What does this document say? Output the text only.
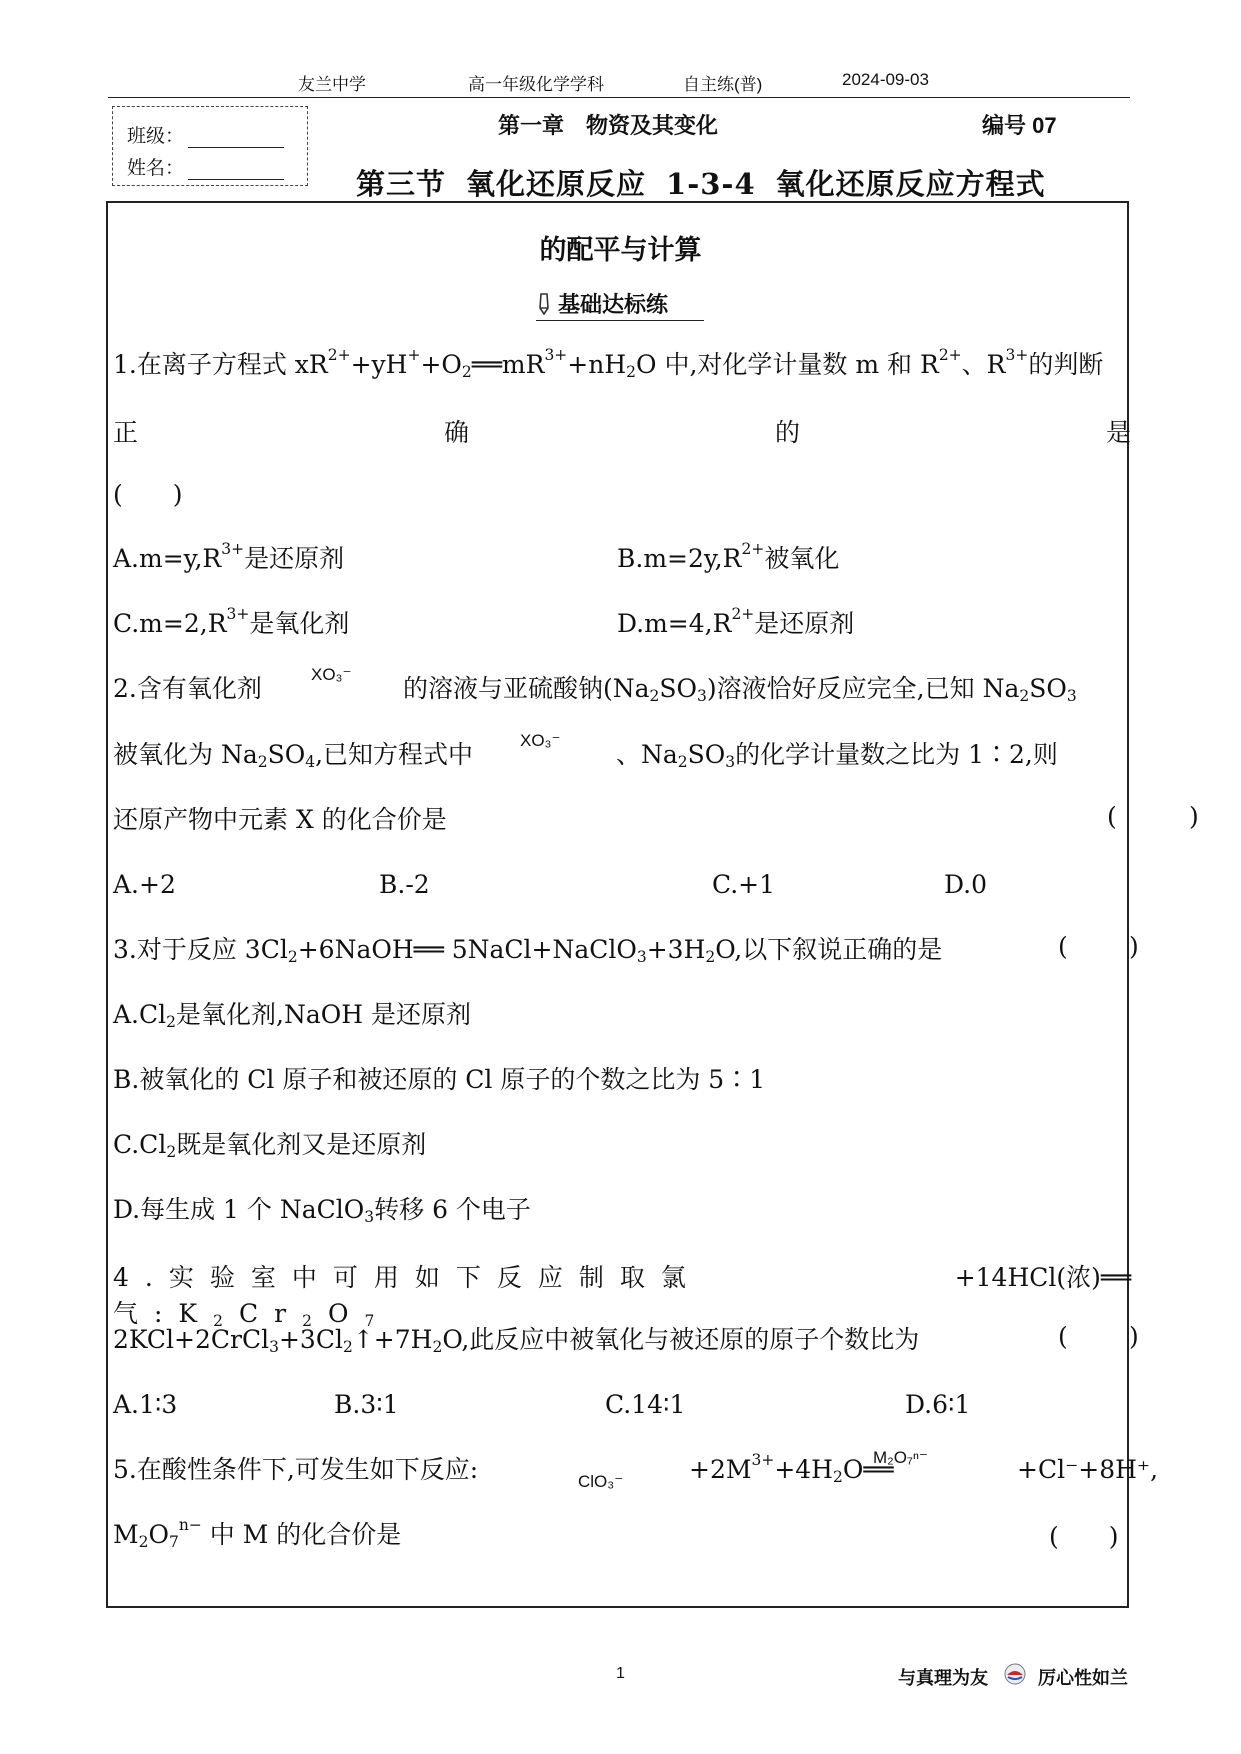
友兰中学	高一年级化学学科	自主练(普)	2024-09-03
班级：
姓名：
第一章　物资及其变化	编号 07
第三节 氧化还原反应 1-3-4 氧化还原反应方程式
的配平与计算
基础达标练
1.在离子方程式 $xR^{2+}+yH^++O_2══mR^{3+}+nH_2O$ 中,对化学计量数 m 和 $R^{2+}$、$R^{3+}$的判断
正	确	的	是
(　　)
$A.m=y,R^{3+}$是还原剂	$B.m=2y,R^{2+}$被氧化
$C.m=2,R^{3+}$是氧化剂	$D.m=4,R^{2+}$是还原剂
2.含有氧化剂	XO₃⁻ 的溶液与亚硫酸钠$(Na_2SO_3)$溶液恰好反应完全,已知 $Na_2SO_3$
被氧化为 $Na_2SO_4$,已知方程式中	XO₃⁻ 、$Na_2SO_3$的化学计量数之比为 1∶2,则
还原产物中元素 X 的化合价是	(	)
A.+2	B.-2	C.+1	D.0
3.对于反应 $3Cl_2+6NaOH══$ $5NaCl+NaClO_3+3H_2O$,以下叙说正确的是	( )
$A.Cl_2$是氧化剂,NaOH 是还原剂
B.被氧化的 Cl 原子和被还原的 Cl 原子的个数之比为 5∶1
$C.Cl_2$既是氧化剂又是还原剂
D.每生成 1 个 NaClO$_3$转移 6 个电子
4.实验室中可用如下反应制取氯气$:K_2Cr_2O_7$
+14HCl(浓)══
$2KCl+2CrCl_3+3Cl_2↑+7H_2O$,此反应中被氧化与被还原的原子个数比为	( )
A.1∶3	B.3∶1	C.14∶1	D.6∶1
5.在酸性条件下,可发生如下反应:	ClO₃⁻	$+2M^{3+}+4H_2O══$
M₂O₇ⁿ⁻	+Cl⁻+8H⁺,
$M_2O_7^{n-}$ 中 M 的化合价是	(　　)
1	与真理为友	厉心性如兰
